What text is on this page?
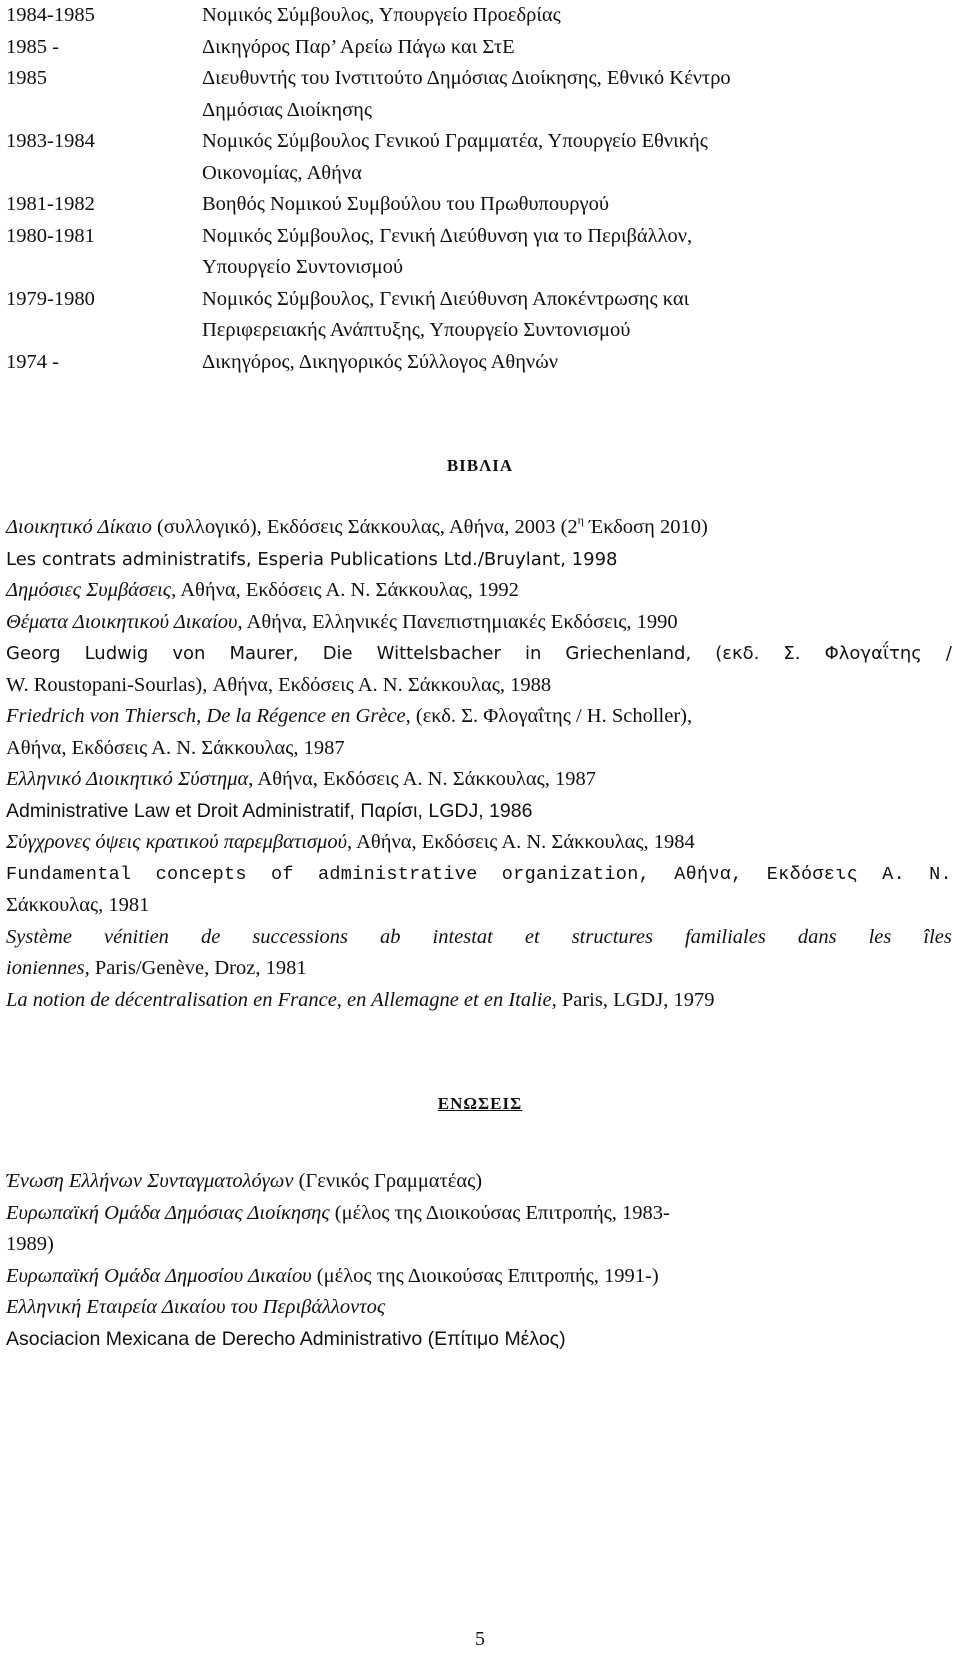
1984-1985	Νομικός Σύμβουλος, Υπουργείο Προεδρίας
1985 -	Δικηγόρος Παρ’ Αρείω Πάγω και ΣτΕ
1985	Διευθυντής του Ινστιτούτο Δημόσιας Διοίκησης, Εθνικό Κέντρο
Δημόσιας Διοίκησης
1983-1984	Νομικός Σύμβουλος Γενικού Γραμματέα, Υπουργείο Εθνικής
Οικονομίας, Αθήνα
1981-1982	Βοηθός Νομικού Συμβούλου του Πρωθυπουργού
1980-1981	Νομικός Σύμβουλος, Γενική Διεύθυνση για το Περιβάλλον,
Υπουργείο Συντονισμού
1979-1980	Νομικός Σύμβουλος, Γενική Διεύθυνση Αποκέντρωσης και
Περιφερειακής Ανάπτυξης, Υπουργείο Συντονισμού
1974 -	Δικηγόρος, Δικηγορικός Σύλλογος Αθηνών
ΒΙΒΛΙΑ
Διοικητικό Δίκαιο (συλλογικό), Εκδόσεις Σάκκουλας, Αθήνα, 2003 ($2^\eta$ Έκδοση 2010)
Les contrats administratifs, Esperia Publications Ltd./Bruylant, 1998
Δημόσιες Συμβάσεις, Αθήνα, Εκδόσεις Α. Ν. Σάκκουλας, 1992
Θέματα Διοικητικού Δικαίου, Αθήνα, Ελληνικές Πανεπιστημιακές Εκδόσεις, 1990
Georg Ludwig von Maurer, Die Wittelsbacher in Griechenland, (εκδ. Σ. Φλογαΐτης /
W. Roustopani-Sourlas), Αθήνα, Εκδόσεις Α. Ν. Σάκκουλας, 1988
Friedrich von Thiersch, De la Régence en Grèce, (εκδ. Σ. Φλογαΐτης / Η. Scholler),
Αθήνα, Εκδόσεις Α. Ν. Σάκκουλας, 1987
Ελληνικό Διοικητικό Σύστημα, Αθήνα, Εκδόσεις Α. Ν. Σάκκουλας, 1987
Administrative Law et Droit Administratif, Παρίσι, LGDJ, 1986
Σύγχρονες όψεις κρατικού παρεμβατισμού, Αθήνα, Εκδόσεις Α. Ν. Σάκκουλας, 1984
Fundamental concepts of administrative organization, Αθήνα, Εκδόσεις Α. Ν.
Σάκκουλας, 1981
Système vénitien de successions ab intestat et structures familiales dans les îles
ioniennes, Paris/Genève, Droz, 1981
La notion de décentralisation en France, en Allemagne et en Italie, Paris, LGDJ, 1979
ΕΝΩΣΕΙΣ
Ένωση Ελλήνων Συνταγματολόγων (Γενικός Γραμματέας)
Ευρωπαϊκή Ομάδα Δημόσιας Διοίκησης (μέλος της Διοικούσας Επιτροπής, 1983-
1989)
Ευρωπαϊκή Ομάδα Δημοσίου Δικαίου (μέλος της Διοικούσας Επιτροπής, 1991-)
Ελληνική Εταιρεία Δικαίου του Περιβάλλοντος
Asociacion Mexicana de Derecho Administrativo (Επίτιμο Μέλος)
5
